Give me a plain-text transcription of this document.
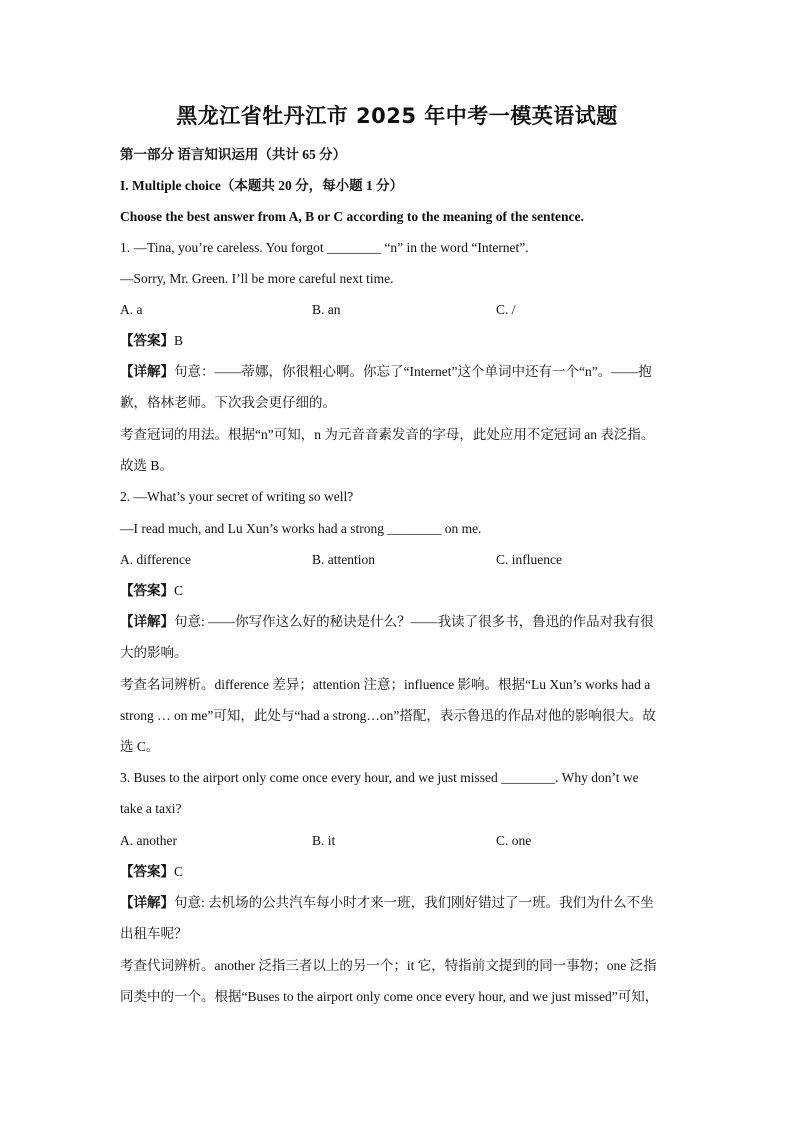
黑龙江省牡丹江市 2025 年中考一模英语试题
第一部分 语言知识运用（共计 65 分）
I. Multiple choice（本题共 20 分，每小题 1 分）
Choose the best answer from A, B or C according to the meaning of the sentence.
1. —Tina, you’re careless. You forgot ________ “n” in the word “Internet”.
—Sorry, Mr. Green. I’ll be more careful next time.
A. a	B. an	C. /
【答案】B
【详解】句意：——蒂娜，你很粗心啊。你忘了“Internet”这个单词中还有一个“n”。——抱
歉，格林老师。下次我会更仔细的。
考查冠词的用法。根据“n”可知，n 为元音音素发音的字母，此处应用不定冠词 an 表泛指。
故选 B。
2. —What’s your secret of writing so well?
—I read much, and Lu Xun’s works had a strong ________ on me.
A. difference	B. attention	C. influence
【答案】C
【详解】句意: ——你写作这么好的秘诀是什么？——我读了很多书，鲁迅的作品对我有很
大的影响。
考查名词辨析。difference 差异；attention 注意；influence 影响。根据“Lu Xun’s works had a
strong … on me”可知，此处与“had a strong…on”搭配，表示鲁迅的作品对他的影响很大。故
选 C。
3. Buses to the airport only come once every hour, and we just missed ________. Why don’t we
take a taxi?
A. another	B. it	C. one
【答案】C
【详解】句意: 去机场的公共汽车每小时才来一班，我们刚好错过了一班。我们为什么不坐
出租车呢？
考查代词辨析。another 泛指三者以上的另一个；it 它，特指前文提到的同一事物；one 泛指
同类中的一个。根据“Buses to the airport only come once every hour, and we just missed”可知，
